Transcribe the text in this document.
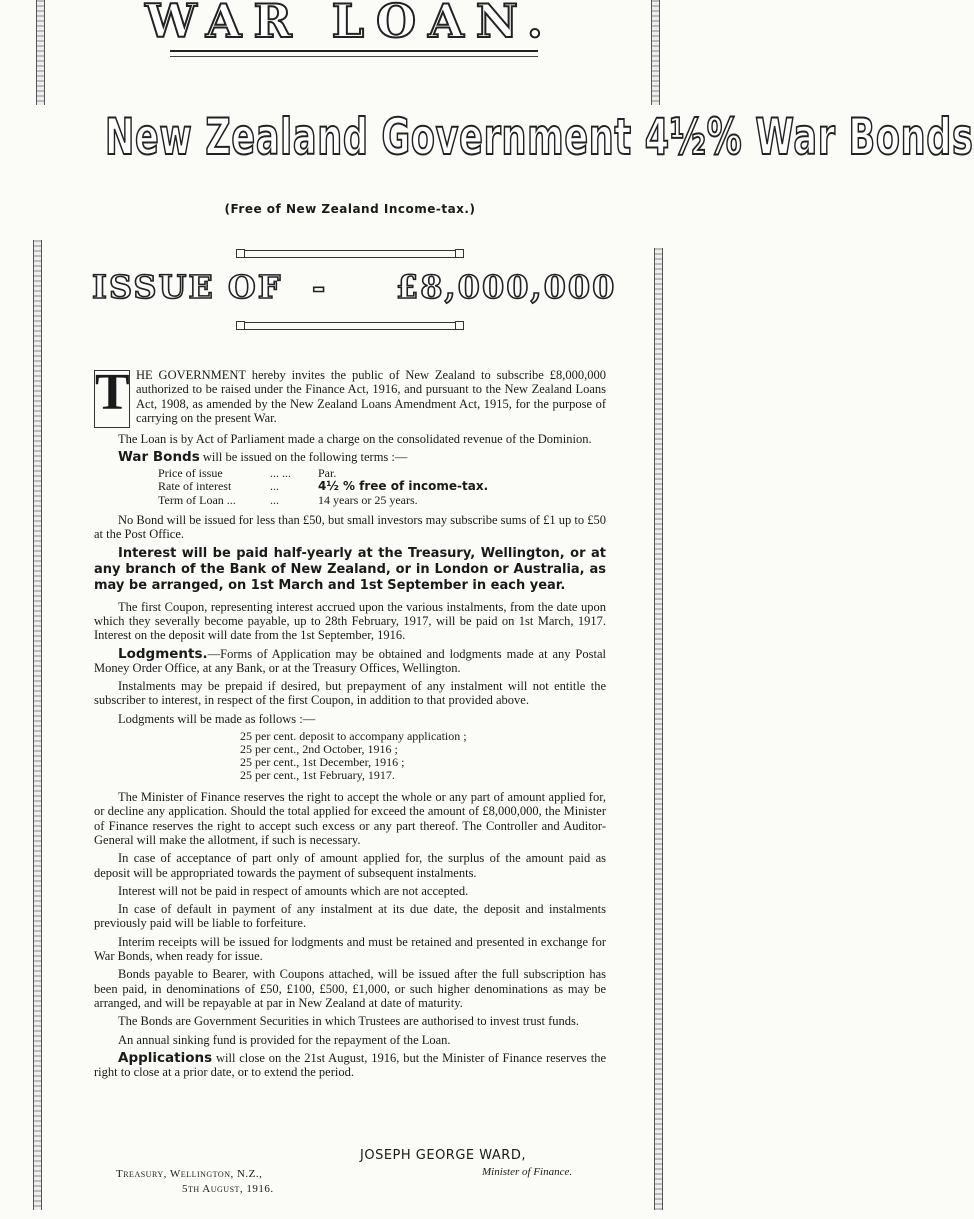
WAR LOAN.
New Zealand Government 4½% War Bonds
(Free of New Zealand Income-tax.)
ISSUE OF - £8,000,000
T HE GOVERNMENT hereby invites the public of New Zealand to subscribe £8,000,000 authorized to be raised under the Finance Act, 1916, and pursuant to the New Zealand Loans Act, 1908, as amended by the New Zealand Loans Amendment Act, 1915, for the purpose of carrying on the present War.

The Loan is by Act of Parliament made a charge on the consolidated revenue of the Dominion.

War Bonds will be issued on the following terms :—

Price of issue	... ...	Par.
Rate of interest	...	4½ % free of income-tax.
Term of Loan ...	...	14 years or 25 years.

No Bond will be issued for less than £50, but small investors may subscribe sums of £1 up to £50 at the Post Office.

Interest will be paid half-yearly at the Treasury, Wellington, or at any branch of the Bank of New Zealand, or in London or Australia, as may be arranged, on 1st March and 1st September in each year.

The first Coupon, representing interest accrued upon the various instalments, from the date upon which they severally become payable, up to 28th February, 1917, will be paid on 1st March, 1917. Interest on the deposit will date from the 1st September, 1916.

Lodgments.—Forms of Application may be obtained and lodgments made at any Postal Money Order Office, at any Bank, or at the Treasury Offices, Wellington.

Instalments may be prepaid if desired, but prepayment of any instalment will not entitle the subscriber to interest, in respect of the first Coupon, in addition to that provided above.

Lodgments will be made as follows :—

25 per cent. deposit to accompany application ;
25 per cent., 2nd October, 1916 ;
25 per cent., 1st December, 1916 ;
25 per cent., 1st February, 1917.

The Minister of Finance reserves the right to accept the whole or any part of amount applied for, or decline any application. Should the total applied for exceed the amount of £8,000,000, the Minister of Finance reserves the right to accept such excess or any part thereof. The Controller and Auditor-General will make the allotment, if such is necessary.

In case of acceptance of part only of amount applied for, the surplus of the amount paid as deposit will be appropriated towards the payment of subsequent instalments.

Interest will not be paid in respect of amounts which are not accepted.

In case of default in payment of any instalment at its due date, the deposit and instalments previously paid will be liable to forfeiture.

Interim receipts will be issued for lodgments and must be retained and presented in exchange for War Bonds, when ready for issue.

Bonds payable to Bearer, with Coupons attached, will be issued after the full subscription has been paid, in denominations of £50, £100, £500, £1,000, or such higher denominations as may be arranged, and will be repayable at par in New Zealand at date of maturity.

The Bonds are Government Securities in which Trustees are authorised to invest trust funds.

An annual sinking fund is provided for the repayment of the Loan.

Applications will close on the 21st August, 1916, but the Minister of Finance reserves the right to close at a prior date, or to extend the period.

JOSEPH GEORGE WARD,
Minister of Finance.
Treasury, Wellington, N.Z.,
5th August, 1916.
